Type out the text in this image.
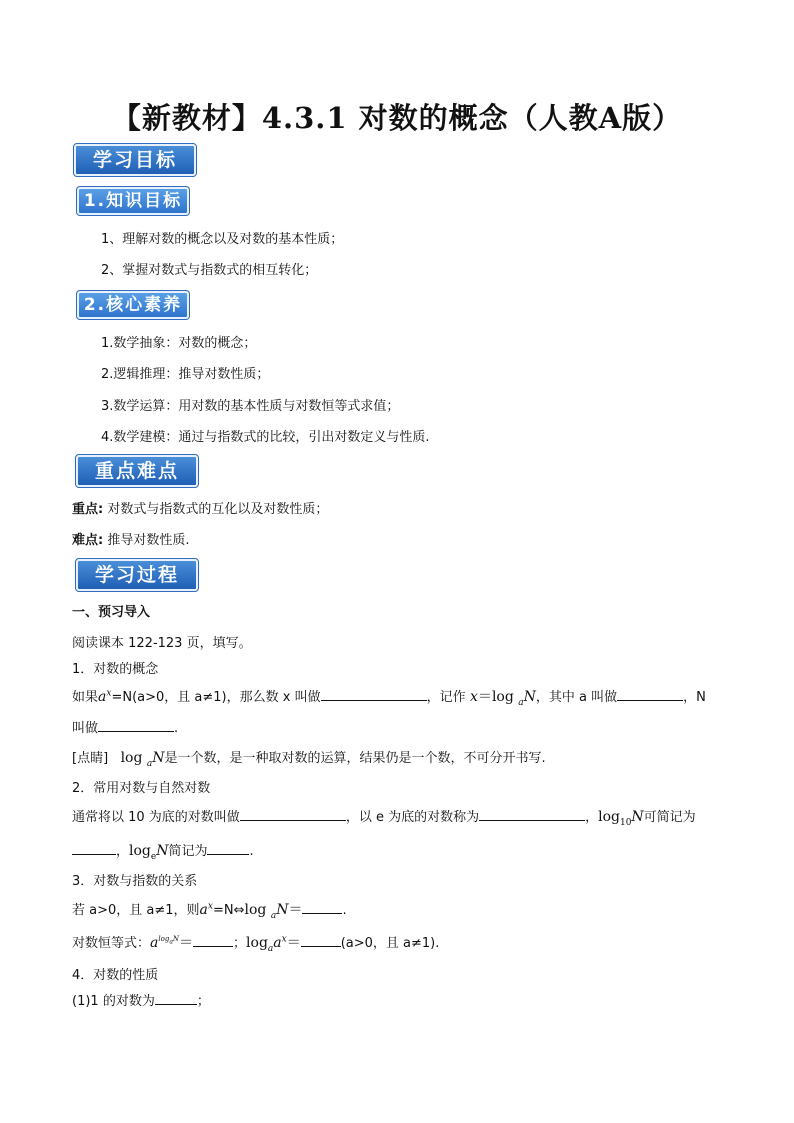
【新教材】4.3.1 对数的概念（人教A版）
学习目标
1.知识目标
1、理解对数的概念以及对数的基本性质；
2、掌握对数式与指数式的相互转化；
2.核心素养
1.数学抽象：对数的概念；
2.逻辑推理：推导对数性质；
3.数学运算：用对数的基本性质与对数恒等式求值；
4.数学建模：通过与指数式的比较，引出对数定义与性质.
重点难点
重点: 对数式与指数式的互化以及对数性质；
难点: 推导对数性质.
学习过程
一、预习导入
阅读课本 122-123 页，填写。
1．对数的概念
如果$a^x=N(a>0$，且 a≠1)，那么数 x 叫做	，记作 x＝log $_a$N，其中 a 叫做	，N
叫做	.
[点睛] log $_a$N是一个数，是一种取对数的运算，结果仍是一个数，不可分开书写.
2．常用对数与自然对数
通常将以 10 为底的对数叫做	，以 e 为底的对数称为	，$\log_{10}N$可简记为
，$\log_eN$简记为	.
3．对数与指数的关系
若 a>0，且 a≠1，则$a^x=N\Leftrightarrow\log$ $_a$N＝	.
对数恒等式：$a^{log_aN}=$	；$\log_aa^x=$	(a>0，且 a≠1).
4．对数的性质
(1)1 的对数为	；
